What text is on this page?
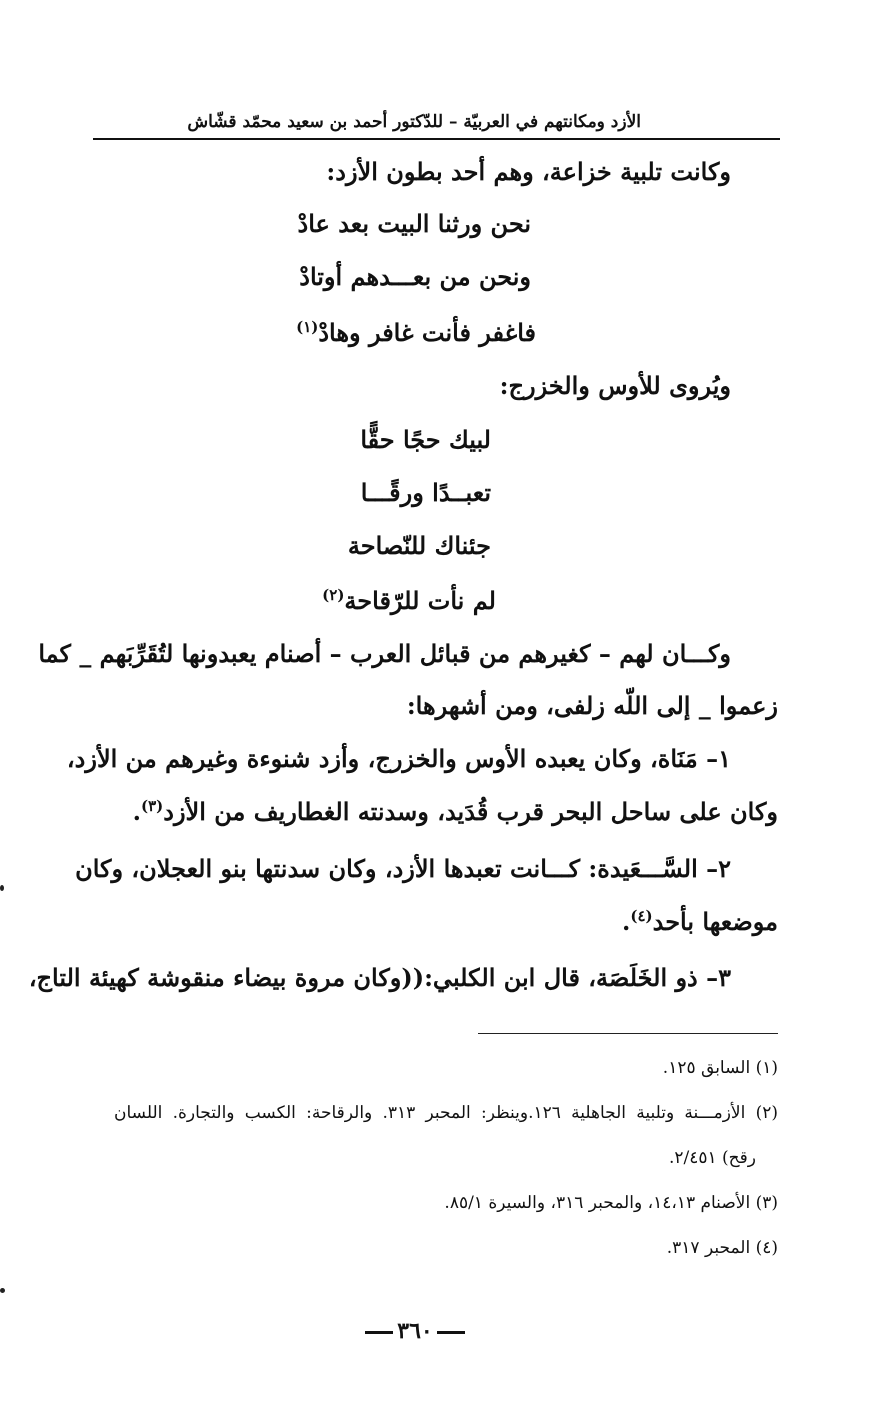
الأزد ومكانتهم في العربيّة – للدّكتور أحمد بن سعيد محمّد قشّاش
وكانت تلبية خزاعة، وهم أحد بطون الأزد:
نحن ورثنا البيت بعد عادْ
ونحن من بعـــدهم أوتادْ
فاغفر فأنت غافر وهادْ$^{(١)}$
ويُروى للأوس والخزرج:
لبيك حجًا حقًّا
تعبــدًا ورقًـــا
جئناك للنّصاحة
لم نأت للرّقاحة$^{(٢)}$
وكـــان لهم – كغيرهم من قبائل العرب – أصنام يعبدونها لتُقَرِّبَهم _ كما
زعموا _ إلى اللّه زلفى، ومن أشهرها:
١– مَنَاة، وكان يعبده الأوس والخزرج، وأزد شنوءة وغيرهم من الأزد،
وكان على ساحل البحر قرب قُدَيد، وسدنته الغطاريف من الأزد$^{(٣)}$.
٢– السَّـــعَيدة: كـــانت تعبدها الأزد، وكان سدنتها بنو العجلان، وكان
موضعها بأحد$^{(٤)}$.
٣– ذو الخَلَصَة، قال ابن الكلبي:((وكان مروة بيضاء منقوشة كهيئة التاج،
(١) السابق ١٢٥.
(٢) الأزمـــنة وتلبية الجاهلية ١٢٦.وينظر: المحبر ٣١٣. والرقاحة: الكسب والتجارة. اللسان
رقح) ٢/٤٥١.
(٣) الأصنام ١٤،١٣، والمحبر ٣١٦، والسيرة ٨٥/١.
(٤) المحبر ٣١٧.
٣٦٠
